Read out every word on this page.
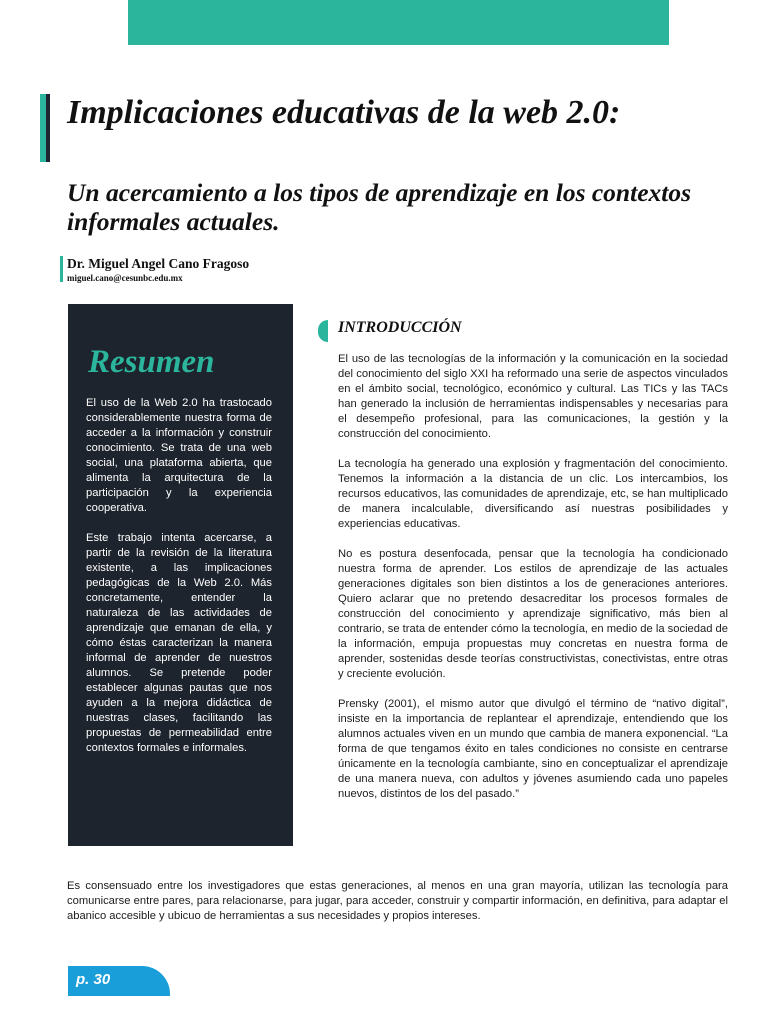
Implicaciones educativas de la web 2.0:
Un acercamiento a los tipos de aprendizaje en los contextos informales actuales.
Dr. Miguel Angel Cano Fragoso
miguel.cano@cesunbc.edu.mx
Resumen

El uso de la Web 2.0 ha trastocado considerablemente nuestra forma de acceder a la información y construir conocimiento. Se trata de una web social, una plataforma abierta, que alimenta la arquitectura de la participación y la experiencia cooperativa.

Este trabajo intenta acercarse, a partir de la revisión de la literatura existente, a las implicaciones pedagógicas de la Web 2.0. Más concretamente, entender la naturaleza de las actividades de aprendizaje que emanan de ella, y cómo éstas caracterizan la manera informal de aprender de nuestros alumnos. Se pretende poder establecer algunas pautas que nos ayuden a la mejora didáctica de nuestras clases, facilitando las propuestas de permeabilidad entre contextos formales e informales.

INTRODUCCIÓN

El uso de las tecnologías de la información y la comunicación en la sociedad del conocimiento del siglo XXI ha reformado una serie de aspectos vinculados en el ámbito social, tecnológico, económico y cultural. Las TICs y las TACs han generado la inclusión de herramientas indispensables y necesarias para el desempeño profesional, para las comunicaciones, la gestión y la construcción del conocimiento.

La tecnología ha generado una explosión y fragmentación del conocimiento. Tenemos la información a la distancia de un clic. Los intercambios, los recursos educativos, las comunidades de aprendizaje, etc, se han multiplicado de manera incalculable, diversificando así nuestras posibilidades y experiencias educativas.

No es postura desenfocada, pensar que la tecnología ha condicionado nuestra forma de aprender. Los estilos de aprendizaje de las actuales generaciones digitales son bien distintos a los de generaciones anteriores. Quiero aclarar que no pretendo desacreditar los procesos formales de construcción del conocimiento y aprendizaje significativo, más bien al contrario, se trata de entender cómo la tecnología, en medio de la sociedad de la información, empuja propuestas muy concretas en nuestra forma de aprender, sostenidas desde teorías constructivistas, conectivistas, entre otras y creciente evolución.

Prensky (2001), el mismo autor que divulgó el término de “nativo digital”, insiste en la importancia de replantear el aprendizaje, entendiendo que los alumnos actuales viven en un mundo que cambia de manera exponencial. “La forma de que tengamos éxito en tales condiciones no consiste en centrarse únicamente en la tecnología cambiante, sino en conceptualizar el aprendizaje de una manera nueva, con adultos y jóvenes asumiendo cada uno papeles nuevos, distintos de los del pasado.”

Es consensuado entre los investigadores que estas generaciones, al menos en una gran mayoría, utilizan las tecnología para comunicarse entre pares, para relacionarse, para jugar, para acceder, construir y compartir información, en definitiva, para adaptar el abanico accesible y ubicuo de herramientas a sus necesidades y propios intereses.

p. 30
